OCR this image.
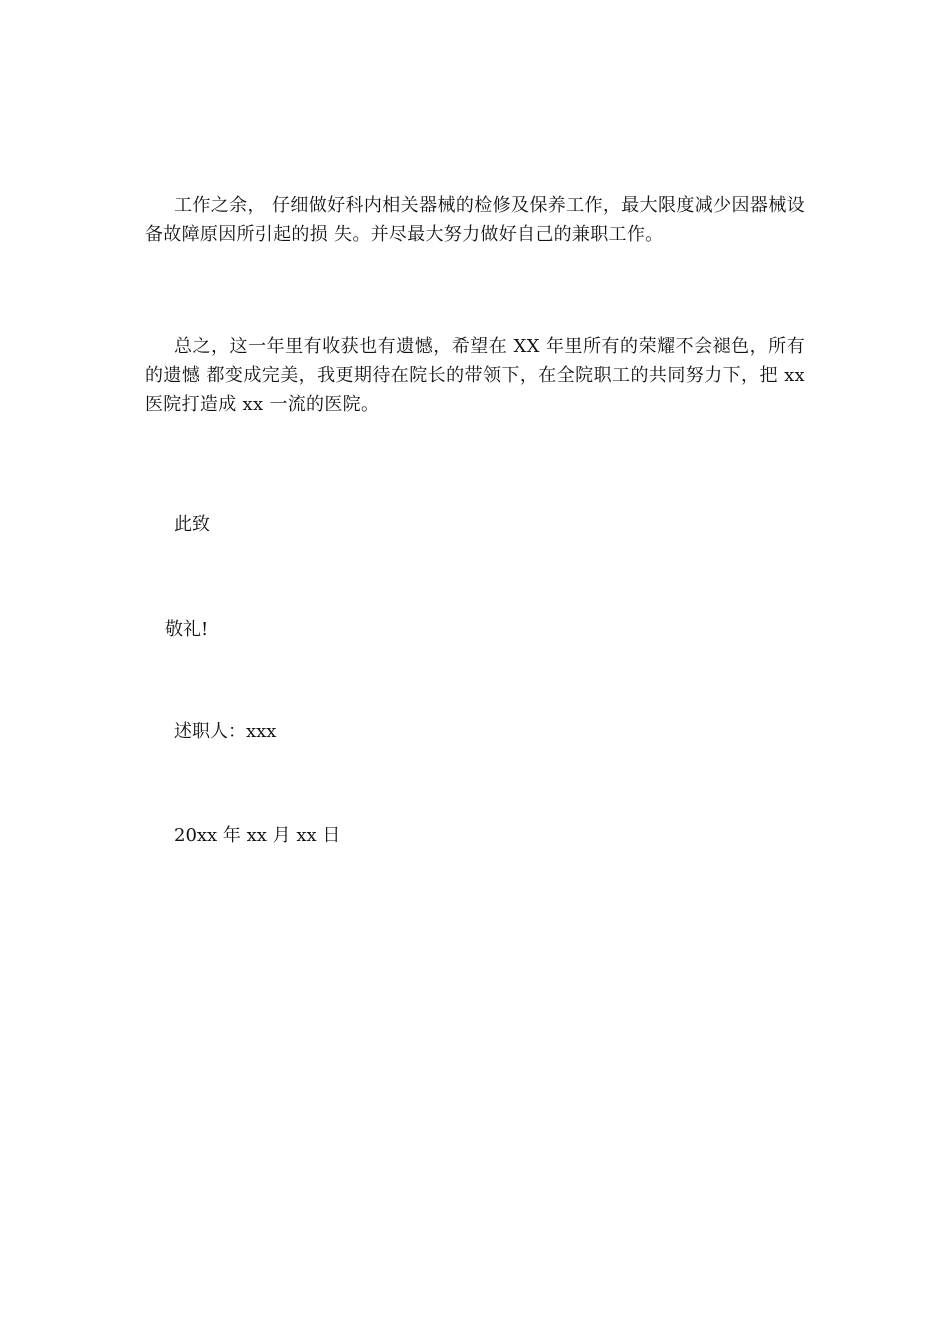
工作之余， 仔细做好科内相关器械的检修及保养工作，最大限度减少因器械设备故障原因所引起的损 失。并尽最大努力做好自己的兼职工作。

总之，这一年里有收获也有遗憾，希望在 XX 年里所有的荣耀不会褪色，所有的遗憾 都变成完美，我更期待在院长的带领下，在全院职工的共同努力下，把 xx 医院打造成 xx 一流的医院。

此致

敬礼!

述职人：xxx

20xx 年 xx 月 xx 日
